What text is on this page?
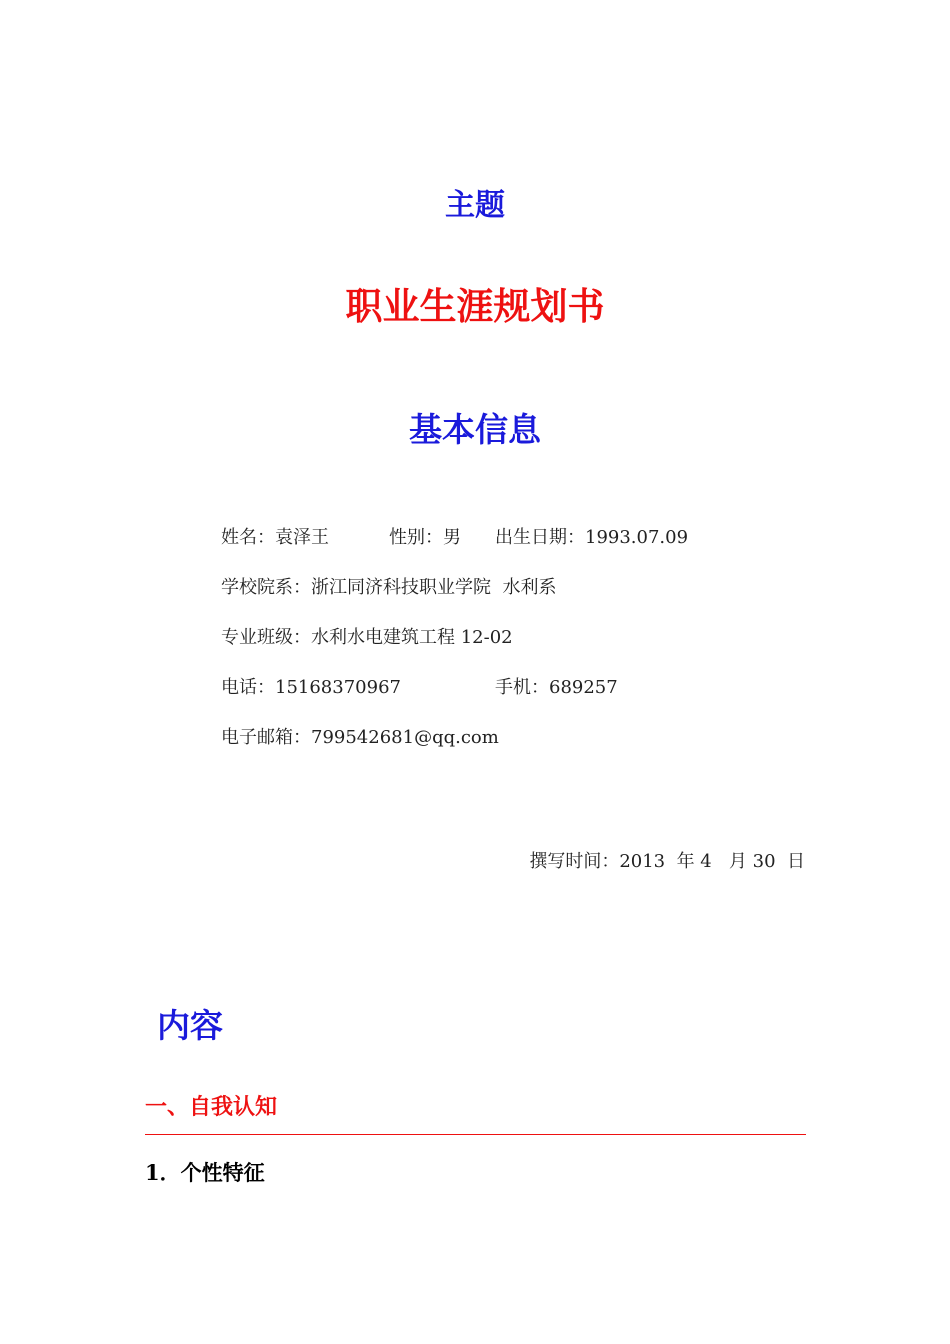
主题
职业生涯规划书
基本信息
姓名：袁泽王	性别：男 出生日期：1993.07.09
学校院系：浙江同济科技职业学院  水利系
专业班级：水利水电建筑工程 12-02
电话：15168370967	手机：689257
电子邮箱：799542681@qq.com
撰写时间：2013  年 4   月 30  日
内容
一、自我认知
1．个性特征
